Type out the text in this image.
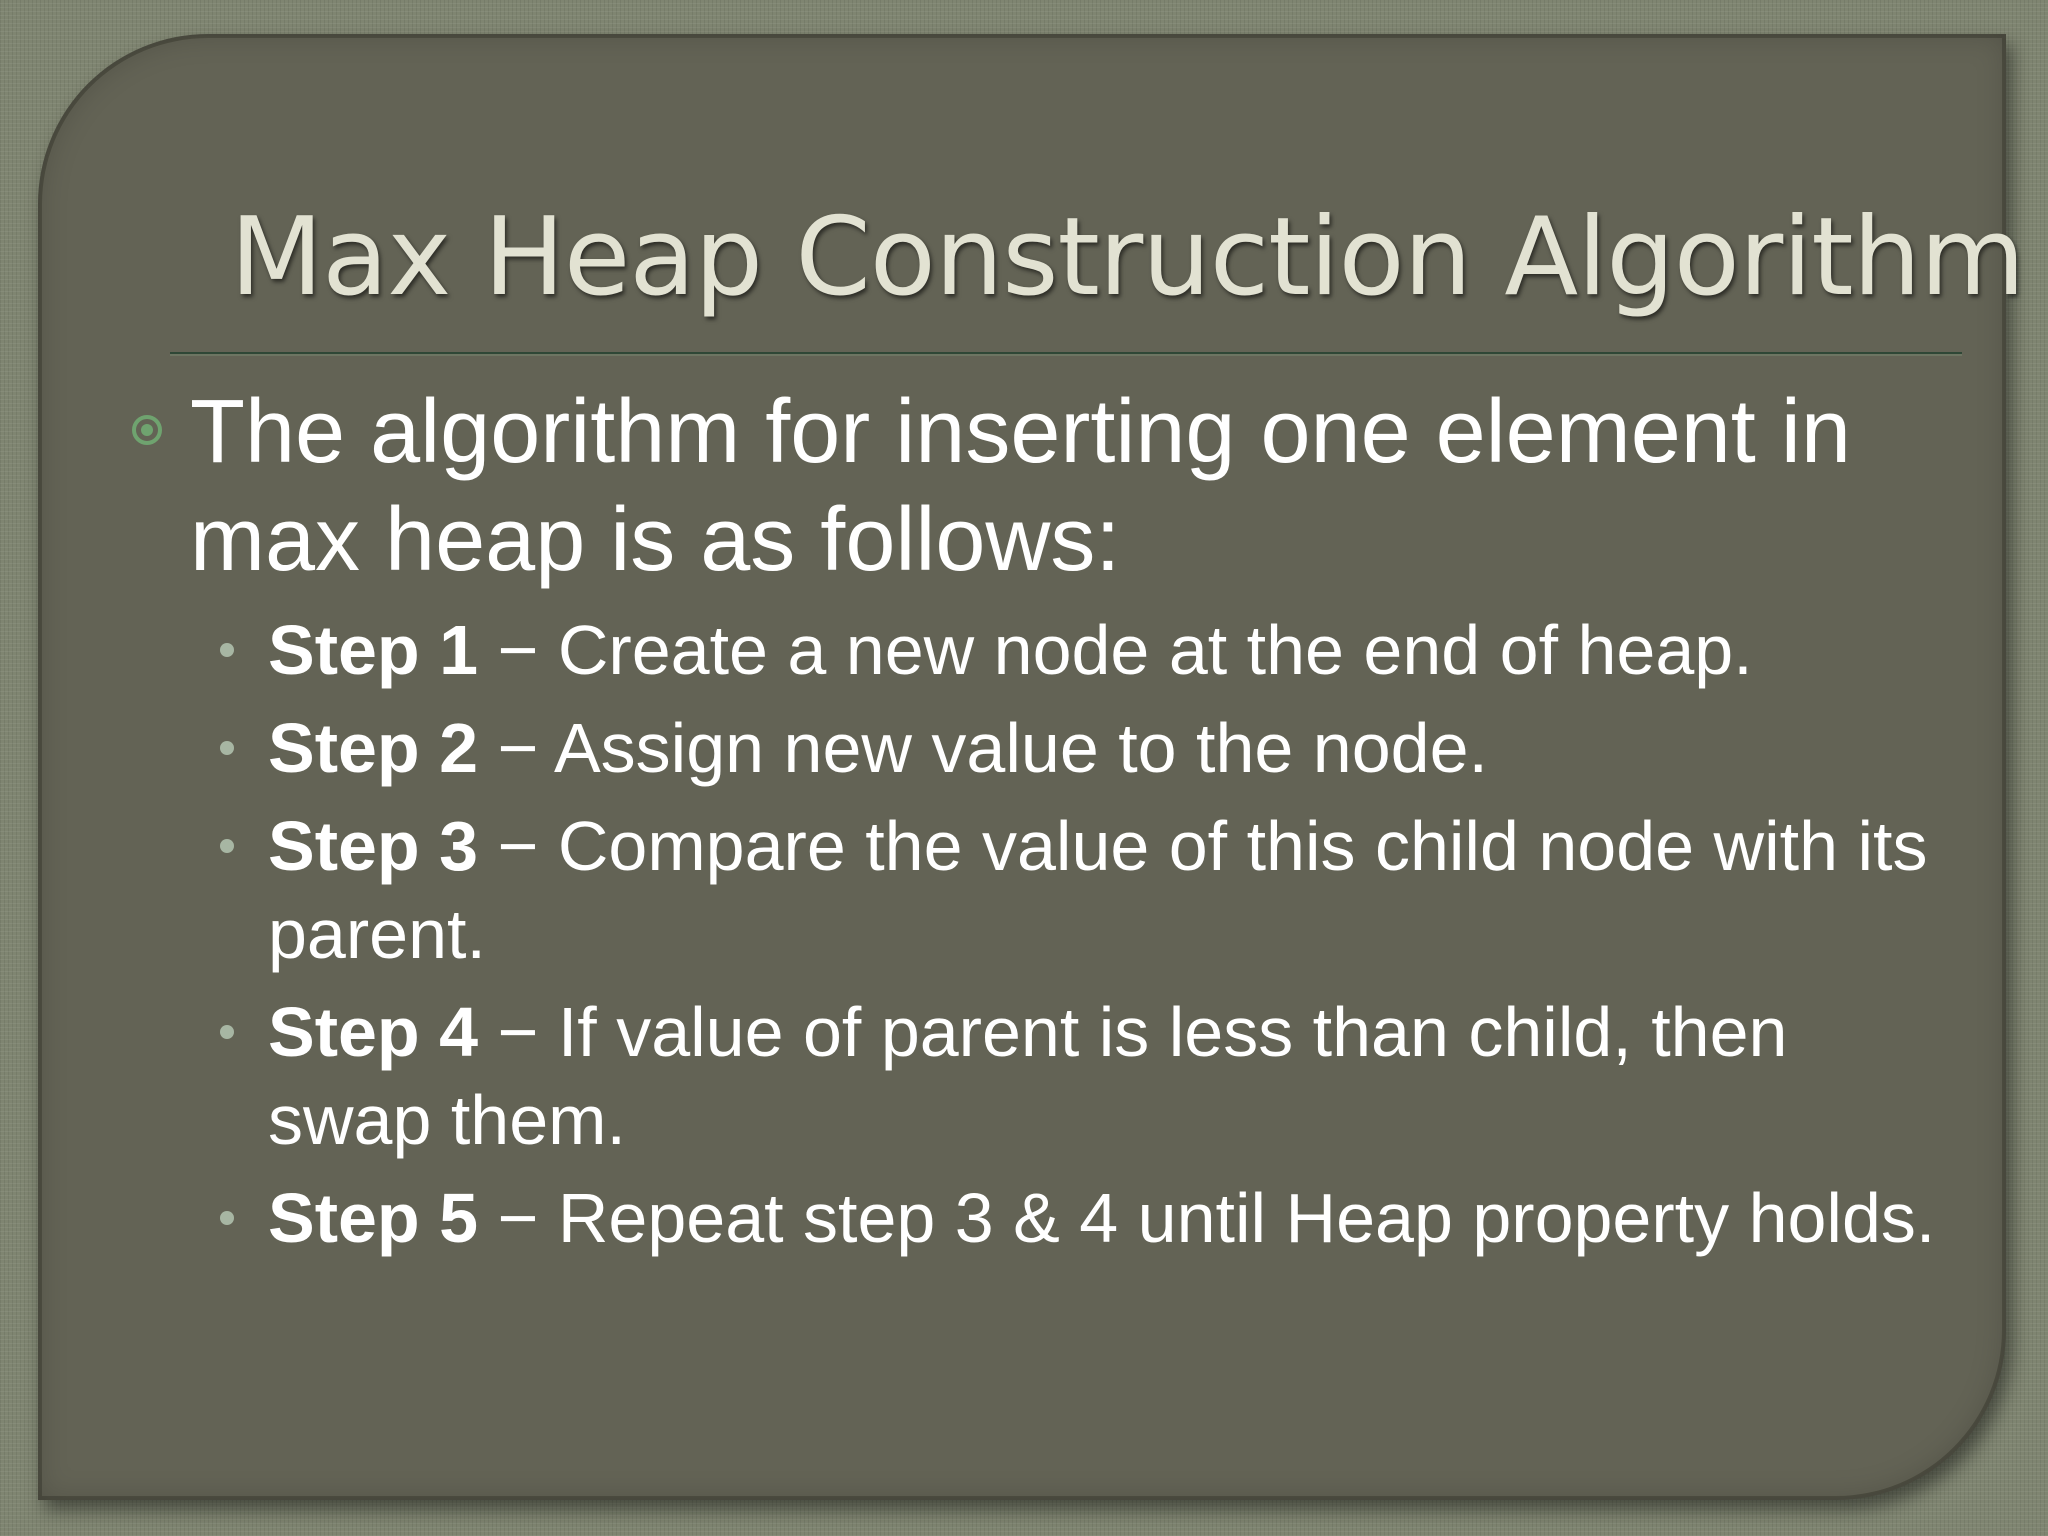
Max Heap Construction Algorithm
The algorithm for inserting one element in max heap is as follows:
Step 1 − Create a new node at the end of heap.
Step 2 − Assign new value to the node.
Step 3 − Compare the value of this child node with its parent.
Step 4 − If value of parent is less than child, then swap them.
Step 5 − Repeat step 3 & 4 until Heap property holds.
